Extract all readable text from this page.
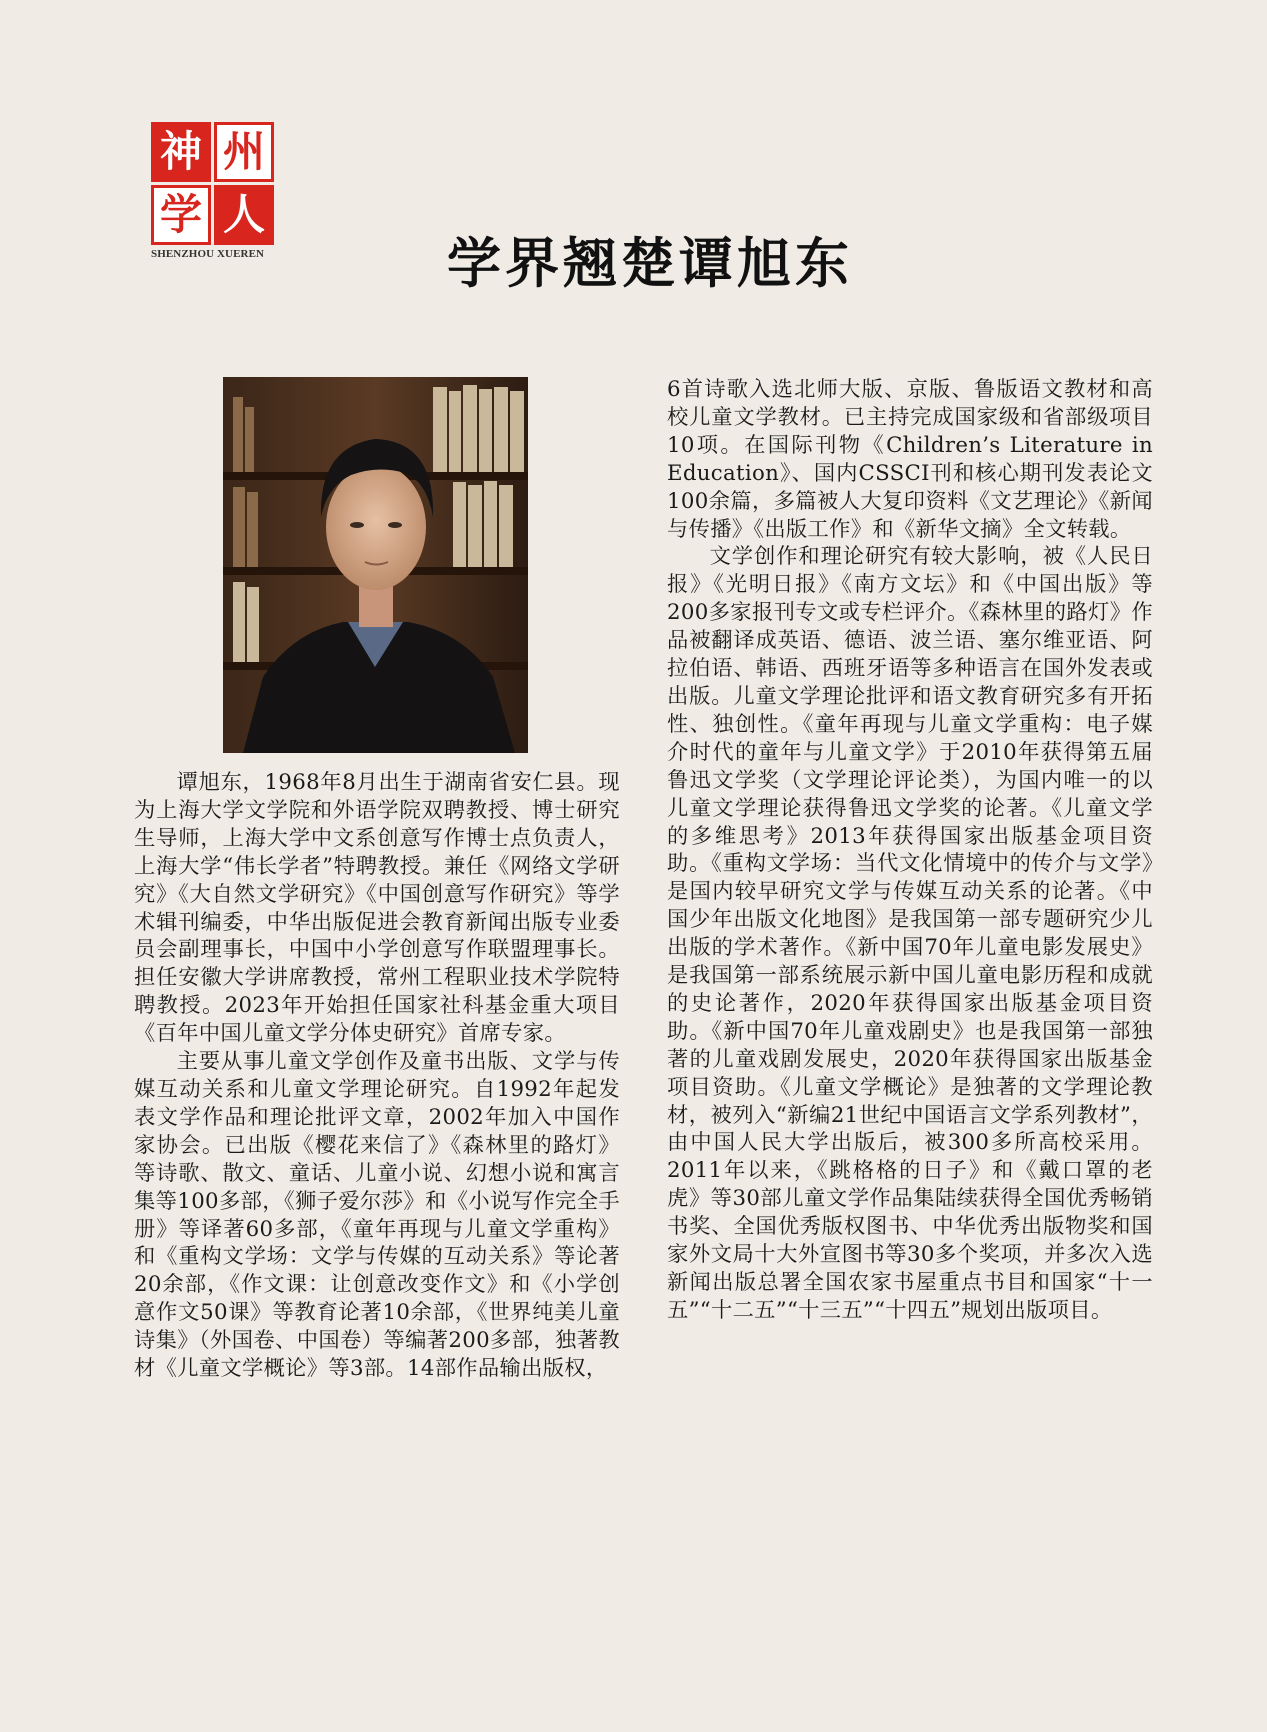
神 州
学 人
SHENZHOU XUEREN	学界翘楚谭旭东

谭旭东，1968年8月出生于湖南省安仁县。现为上海大学文学院和外语学院双聘教授、博士研究生导师，上海大学中文系创意写作博士点负责人，上海大学“伟长学者”特聘教授。兼任《网络文学研究》《大自然文学研究》《中国创意写作研究》等学术辑刊编委，中华出版促进会教育新闻出版专业委员会副理事长，中国中小学创意写作联盟理事长。担任安徽大学讲席教授，常州工程职业技术学院特聘教授。2023年开始担任国家社科基金重大项目《百年中国儿童文学分体史研究》首席专家。

主要从事儿童文学创作及童书出版、文学与传媒互动关系和儿童文学理论研究。自1992年起发表文学作品和理论批评文章，2002年加入中国作家协会。已出版《樱花来信了》《森林里的路灯》等诗歌、散文、童话、儿童小说、幻想小说和寓言集等100多部，《狮子爱尔莎》和《小说写作完全手册》等译著60多部，《童年再现与儿童文学重构》和《重构文学场：文学与传媒的互动关系》等论著20余部，《作文课：让创意改变作文》和《小学创意作文50课》等教育论著10余部，《世界纯美儿童诗集》（外国卷、中国卷）等编著200多部，独著教材《儿童文学概论》等3部。14部作品输出版权，

6首诗歌入选北师大版、京版、鲁版语文教材和高校儿童文学教材。已主持完成国家级和省部级项目10项。在国际刊物《Children’s Literature in Education》、国内CSSCI刊和核心期刊发表论文100余篇，多篇被人大复印资料《文艺理论》《新闻与传播》《出版工作》和《新华文摘》全文转载。

文学创作和理论研究有较大影响，被《人民日报》《光明日报》《南方文坛》和《中国出版》等200多家报刊专文或专栏评介。《森林里的路灯》作品被翻译成英语、德语、波兰语、塞尔维亚语、阿拉伯语、韩语、西班牙语等多种语言在国外发表或出版。儿童文学理论批评和语文教育研究多有开拓性、独创性。《童年再现与儿童文学重构：电子媒介时代的童年与儿童文学》于2010年获得第五届鲁迅文学奖（文学理论评论类），为国内唯一的以儿童文学理论获得鲁迅文学奖的论著。《儿童文学的多维思考》2013年获得国家出版基金项目资助。《重构文学场：当代文化情境中的传介与文学》是国内较早研究文学与传媒互动关系的论著。《中国少年出版文化地图》是我国第一部专题研究少儿出版的学术著作。《新中国70年儿童电影发展史》是我国第一部系统展示新中国儿童电影历程和成就的史论著作，2020年获得国家出版基金项目资助。《新中国70年儿童戏剧史》也是我国第一部独著的儿童戏剧发展史，2020年获得国家出版基金项目资助。《儿童文学概论》是独著的文学理论教材，被列入“新编21世纪中国语言文学系列教材”，由中国人民大学出版后，被300多所高校采用。2011年以来，《跳格格的日子》和《戴口罩的老虎》等30部儿童文学作品集陆续获得全国优秀畅销书奖、全国优秀版权图书、中华优秀出版物奖和国家外文局十大外宣图书等30多个奖项，并多次入选新闻出版总署全国农家书屋重点书目和国家“十一五”“十二五”“十三五”“十四五”规划出版项目。
